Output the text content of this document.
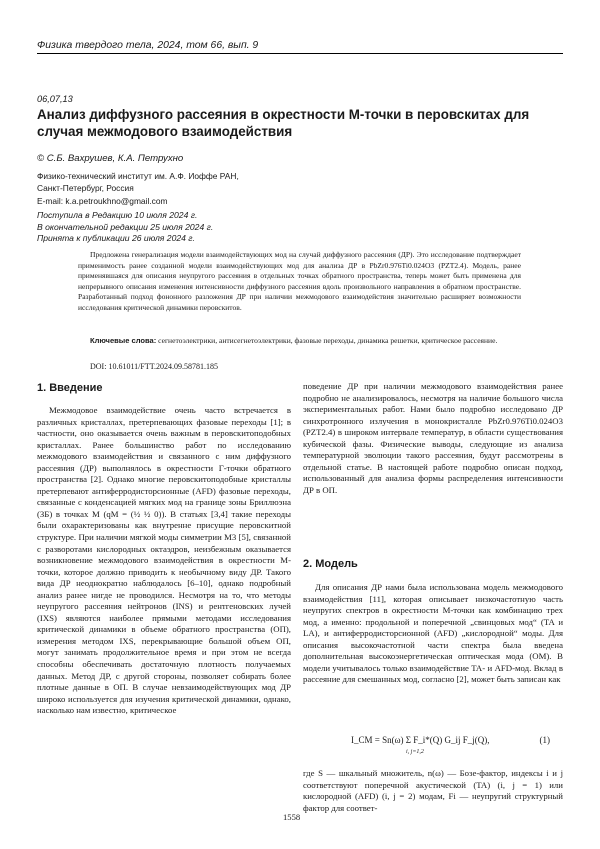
Физика твердого тела, 2024, том 66, вып. 9
06,07,13
Анализ диффузного рассеяния в окрестности M-точки в перовскитах для случая межмодового взаимодействия
© С.Б. Вахрушев, К.А. Петрухно
Физико-технический институт им. А.Ф. Иоффе РАН,
Санкт-Петербург, Россия
E-mail: k.a.petroukhno@gmail.com
Поступила в Редакцию 10 июля 2024 г.
В окончательной редакции 25 июля 2024 г.
Принята к публикации 26 июля 2024 г.
Предложена генерализация модели взаимодействующих мод на случай диффузного рассеяния (ДР). Это исследование подтверждает применимость ранее созданной модели взаимодействующих мод для анализа ДР в PbZr0.976Ti0.024O3 (PZT2.4). Модель, ранее применявшаяся для описания неупругого рассеяния в отдельных точках обратного пространства, теперь может быть применена для непрерывного описания изменения интенсивности диффузного рассеяния вдоль произвольного направления в обратном пространстве. Разработанный подход фононного разложения ДР при наличии межмодового взаимодействия значительно расширяет возможности исследования критической динамики перовскитов.
Ключевые слова: сегнетоэлектрики, антисегнетоэлектрики, фазовые переходы, динамика решетки, критическое рассеяние.
DOI: 10.61011/FTT.2024.09.58781.185
1. Введение

Межмодовое взаимодействие очень часто встречается в различных кристаллах, претерпевающих фазовые переходы [1]; в частности, оно оказывается очень важным в перовскитоподобных кристаллах. Ранее большинство работ по исследованию межмодового взаимодействия и связанного с ним диффузного рассеяния (ДР) выполнялось в окрестности Г-точки обратного пространства [2]. Однако многие перовскитоподобные кристаллы претерпевают антиферродисторсионные (AFD) фазовые переходы, связанные с конденсацией мягких мод на границе зоны Бриллюэна (ЗБ) в точках M (qM = (½ ½ 0)). В статьях [3,4] такие переходы были охарактеризованы как внутренне присущие перовскитной структуре. При наличии мягкой моды симметрии M3 [5], связанной с разворотами кислородных октаэдров, неизбежным оказывается возникновение межмодового взаимодействия в окрестности M-точки, которое должно приводить к необычному виду ДР. Такого вида ДР неоднократно наблюдалось [6–10], однако подробный анализ ранее нигде не проводился. Несмотря на то, что методы неупругого рассеяния нейтронов (INS) и рентгеновских лучей (IXS) являются наиболее прямыми методами исследования критической динамики в объеме обратного пространства (ОП), измерения методом IXS, перекрывающие большой объем ОП, могут занимать продолжительное время и при этом не всегда способны обеспечивать достаточную плотность получаемых данных. Метод ДР, с другой стороны, позволяет собирать более плотные данные в ОП. В случае невзаимодействующих мод ДР широко используется для изучения критической динамики, однако, насколько нам известно, критическое

поведение ДР при наличии межмодового взаимодействия ранее подробно не анализировалось, несмотря на наличие большого числа экспериментальных работ. Нами было подробно исследовано ДР синхротронного излучения в монокристалле PbZr0.976Ti0.024O3 (PZT2.4) в широком интервале температур, в области существования кубической фазы. Физические выводы, следующие из анализа температурной эволюции такого рассеяния, будут рассмотрены в отдельной статье. В настоящей работе подробно описан подход, использованный для анализа формы распределения интенсивности ДР в ОП.

2. Модель

Для описания ДР нами была использована модель межмодового взаимодействия [11], которая описывает низкочастотную часть неупругих спектров в окрестности M-точки как комбинацию трех мод, а именно: продольной и поперечной „свинцовых мод“ (TA и LA), и антиферродисторсионной (AFD) „кислородной“ моды. Для описания высокочастотной части спектра была введена дополнительная высокоэнергетическая оптическая мода (OM). В модели учитывалось только взаимодействие TA- и AFD-мод. Вклад в рассеяние для смешанных мод, согласно [2], может быть записан как

I_CM = Sn(ω) Σ F_i*(Q) G_ij F_j(Q),
i, j=1,2
(1)

где S — шкальный множитель, n(ω) — Бозе-фактор, индексы i и j соответствуют поперечной акустической (TA) (i, j = 1) или кислородной (AFD) (i, j = 2) модам, Fi — неупругий структурный фактор для соответ-

1558
